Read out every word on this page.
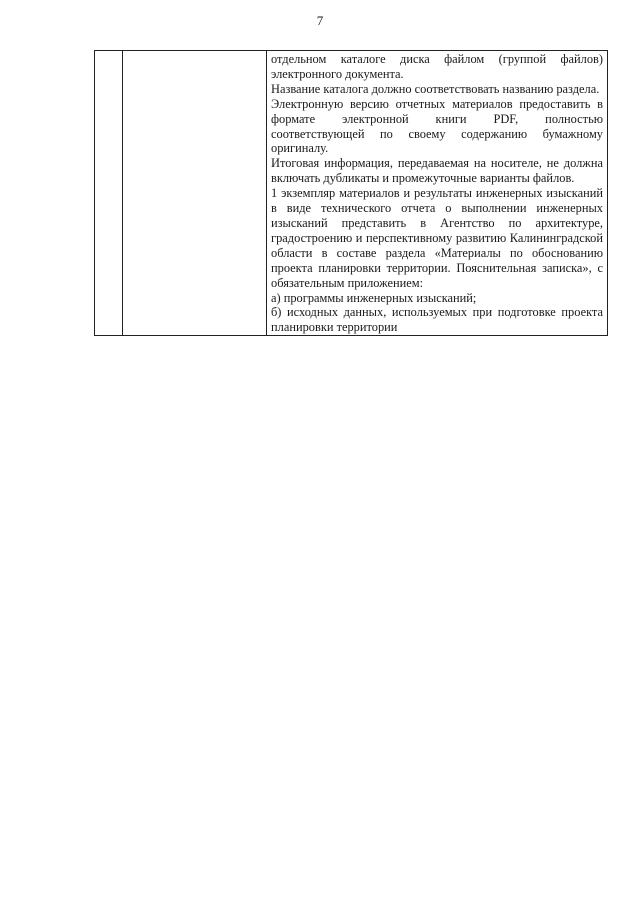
7

отдельном каталоге диска файлом (группой файлов) электронного документа.

Название каталога должно соответствовать названию раздела.

Электронную версию отчетных материалов предоставить в формате электронной книги PDF, полностью соответствующей по своему содержанию бумажному оригиналу.

Итоговая информация, передаваемая на носителе, не должна включать дубликаты и промежуточные варианты файлов.

1 экземпляр материалов и результаты инженерных изысканий в виде технического отчета о выполнении инженерных изысканий представить в Агентство по архитектуре, градостроению и перспективному развитию Калининградской области в составе раздела «Материалы по обоснованию проекта планировки территории. Пояснительная записка», с обязательным приложением:

а) программы инженерных изысканий;

б) исходных данных, используемых при подготовке проекта планировки территории
